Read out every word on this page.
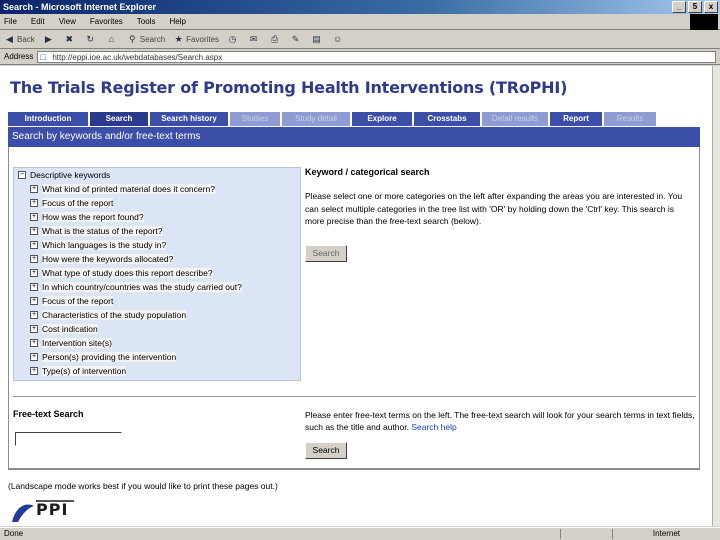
Search - Microsoft Internet Explorer	_	5	x
File Edit View Favorites Tools Help
◀ Back ▶ ✖ ↻	⌂	⚲ Search ★ Favorites ◷ ✉ ⎙ ✎ ▤ ☺
Address
□	http://eppi.ioe.ac.uk/webdatabases/Search.aspx
The Trials Register of Promoting Health Interventions (TRoPHI)
Introduction	Search	Search history	Studies	Study detail	Explore	Crosstabs	Detail results	Report	Results
Search by keywords and/or free-text terms
− Descriptive keywords
+ What kind of printed material does it concern?
+ Focus of the report
+ How was the report found?
+ What is the status of the report?
+ Which languages is the study in?
+ How were the keywords allocated?
+ What type of study does this report describe?
+ In which country/countries was the study carried out?
+ Focus of the report
+ Characteristics of the study population
+ Cost indication
+ Intervention site(s)
+ Person(s) providing the intervention
+ Type(s) of intervention
Keyword / categorical search
Please select one or more categories on the left after expanding the areas you are interested in. You can select multiple categories in the tree list with 'OR' by holding down the 'Ctrl' key. This search is more precise than the free-text search (below).
Search
Free-text Search	Please enter free-text terms on the left. The free-text search will look for your search terms in text fields, such as the title and author. Search help
Search
(Landscape mode works best if you would like to print these pages out.)
PPI
Done	Internet
